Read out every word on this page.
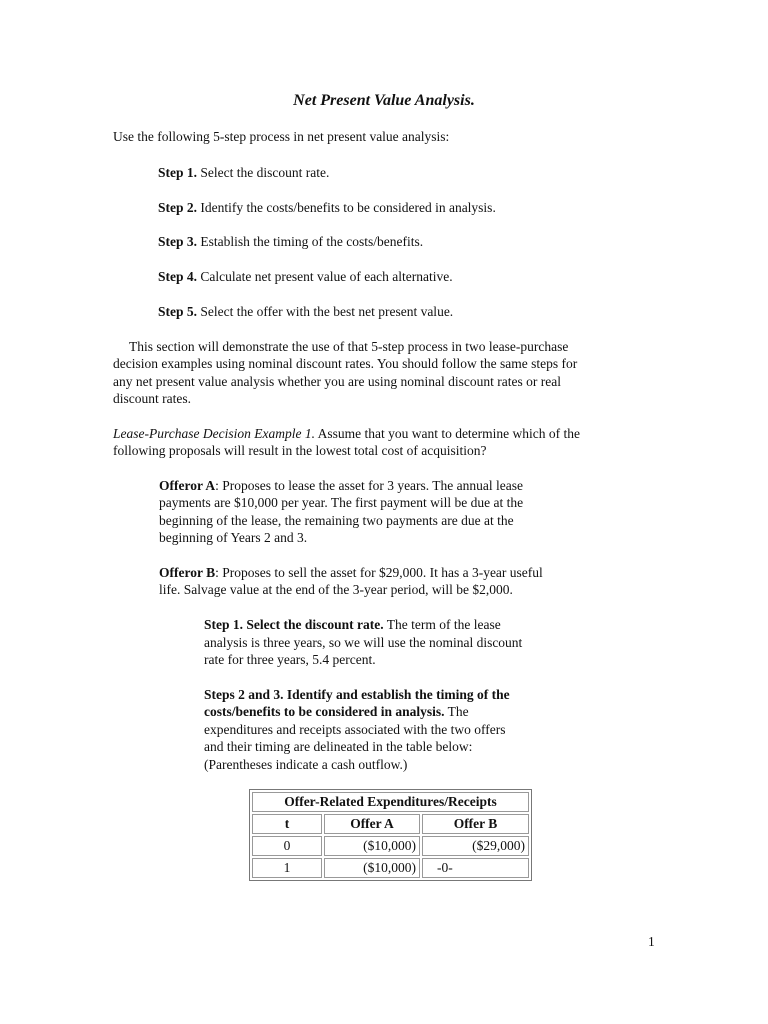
Net Present Value Analysis.
Use the following 5-step process in net present value analysis:
Step 1. Select the discount rate.
Step 2. Identify the costs/benefits to be considered in analysis.
Step 3. Establish the timing of the costs/benefits.
Step 4. Calculate net present value of each alternative.
Step 5. Select the offer with the best net present value.
This section will demonstrate the use of that 5-step process in two lease-purchase
decision examples using nominal discount rates. You should follow the same steps for
any net present value analysis whether you are using nominal discount rates or real
discount rates.
Lease-Purchase Decision Example 1. Assume that you want to determine which of the
following proposals will result in the lowest total cost of acquisition?
Offeror A: Proposes to lease the asset for 3 years. The annual lease
payments are $10,000 per year. The first payment will be due at the
beginning of the lease, the remaining two payments are due at the
beginning of Years 2 and 3.
Offeror B: Proposes to sell the asset for $29,000. It has a 3-year useful
life. Salvage value at the end of the 3-year period, will be $2,000.
Step 1. Select the discount rate. The term of the lease
analysis is three years, so we will use the nominal discount
rate for three years, 5.4 percent.
Steps 2 and 3. Identify and establish the timing of the
costs/benefits to be considered in analysis. The
expenditures and receipts associated with the two offers
and their timing are delineated in the table below:
(Parentheses indicate a cash outflow.)
Offer-Related Expenditures/Receipts		
t	Offer A	Offer B
0	($10,000)	($29,000)
1	($10,000)	-0-
1
